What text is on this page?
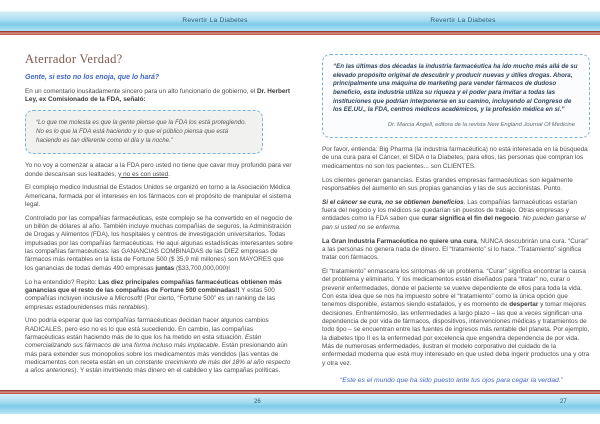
Revertir La Diabetes	Revertir La Diabetes
Aterrador Verdad?
Gente, si esto no los enoja, que lo hará?

En un comentario inusitadamente sincero para un alto funcionario de gobierno, el Dr. Herbert Ley, ex Comisionado de la FDA, señaló:

“Lo que me molesta es que la gente piense que la FDA los está protegiendo. No es lo que la FDA está haciendo y lo que el público piensa que está haciendo es tan diferente como el día y la noche.”

Yo no voy a comenzar a atacar a la FDA pero usted no tiene que cavar muy profundo para ver donde descansan sus lealtades, y no es con usted.

El complejo medico Industrial de Estados Unidos se organizó en torno a la Asociación Médica Americana, formada por el intereses en los fármacos con el propósito de manipular el sistema legal.

Controlado por las compañías farmacéuticas, este complejo se ha convertido en el negocio de un billón de dólares al año. También incluye muchas compañías de seguros, la Administración de Drogas y Alimentos (FDA), los hospitales y centros de investigación universitarios. Todas impulsadas por las compañías farmacéuticas. He aquí algunas estadísticas interesantes sobre las compañías farmacéuticas: las GANANCIAS COMBINADAS de las DIEZ empresas de fármacos más rentables en la lista de Fortune 500 ($ 35,9 mil millones) son MAYORES que los ganancias de todas demás 490 empresas juntas ($33,700,000,000)!

Lo ha entendido? Repito: Las diez principales compañías farmacéuticas obtienen más ganancias que el resto de las compañías de Fortune 500 combinadas!! Y estas 500 compañías incluyen inclusive a Microsoft! (Por cierto, “Fortune 500” es un ranking de las empresas estadounidenses más rentables).

Uno podría esperar que las compañías farmacéuticas decidan hacer algunos cambios RADICALES, pero eso no es lo que está sucediendo. En cambio, las compañías farmacéuticas están haciendo más de lo que los ha metido en esta situación. Están comercializando sus fármacos de una forma incluso más implacable. Están presionando aún más para extender sus monopolios sobre los medicamentos más vendidos (las ventas de medicamentos con receta están en un constante crecimiento de más del 18% al año respecto a años anteriores). Y están invirtiendo más dinero en el cabildeo y las campañas políticas.

“En las últimas dos décadas la industria farmacéutica ha ido mucho más allá de su elevado propósito original de descubrir y producir nuevas y útiles drogas. Ahora, principalmente una máquina de marketing para vender fármacos de dudoso beneficio, esta industria utiliza su riqueza y el poder para invitar a todas las instituciones que podrían interponerse en su camino, incluyendo al Congreso de los EE.UU., la FDA, centros médicos académicos, y la profesión médica en sí.”
Dr. Marcia Angell, editora de la revista New England Journal Of Medicine

Por favor, entienda: Big Pharma (la industria farmacéutica) no está interesada en la búsqueda de una cura para el Cáncer, el SIDA o la Diabetes, para ellos, las personas que compran los medicamentos no son los pacientes... son CLIENTES.

Los clientes generan ganancias. Estas grandes empresas farmacéuticas son legalmente responsables del aumento en sus propias ganancias y las de sus accionistas. Punto.

Si el cáncer se cura, no se obtienen beneficios. Las compañías farmacéuticas estarían fuera del negocio y los médicos se quedarían sin puestos de trabajo. Otras empresas y entidades como la FDA saben que curar significa el fin del negocio. No pueden ganarse el pan si usted no se enferma.

La Gran Industria Farmacéutica no quiere una cura, NUNCA descubrirán una cura. “Curar” a las personas no genera nada de dinero. El “tratamiento” si lo hace. “Tratamiento” significa tratar con fármacos.

El “tratamiento” enmascara los síntomas de un problema. “Curar” significa encontrar la causa del problema y eliminarlo. Y los medicamentos están diseñados para “tratar” no, curar o prevenir enfermedades, donde el paciente se vuelve dependiente de ellos para toda la vida. Con esta idea que se nos ha impuesto sobre el “tratamiento” como la única opción que tenemos disponible, estamos siendo estafados, y es momento de despertar y tomar mejores decisiones. Enfrentémoslo, las enfermedades a largo plazo – las que a veces significan una dependencia de por vida de fármacos, dispositivos, intervenciones médicas y tratamientos de todo tipo – se encuentran entre las fuentes de ingresos más rentable del planeta. Por ejemplo, la diabetes tipo II es la enfermedad por excelencia que engendra dependencia de por vida. Más de numerosas enfermedades, ilustran el modelo corporativo del cuidado de la enfermedad moderna que está muy interesado en que usted deba ingerir productos una y otra y otra vez.

“Este es el mundo que ha sido puesto ante tus ojos para cegar la verdad.”

26	27
